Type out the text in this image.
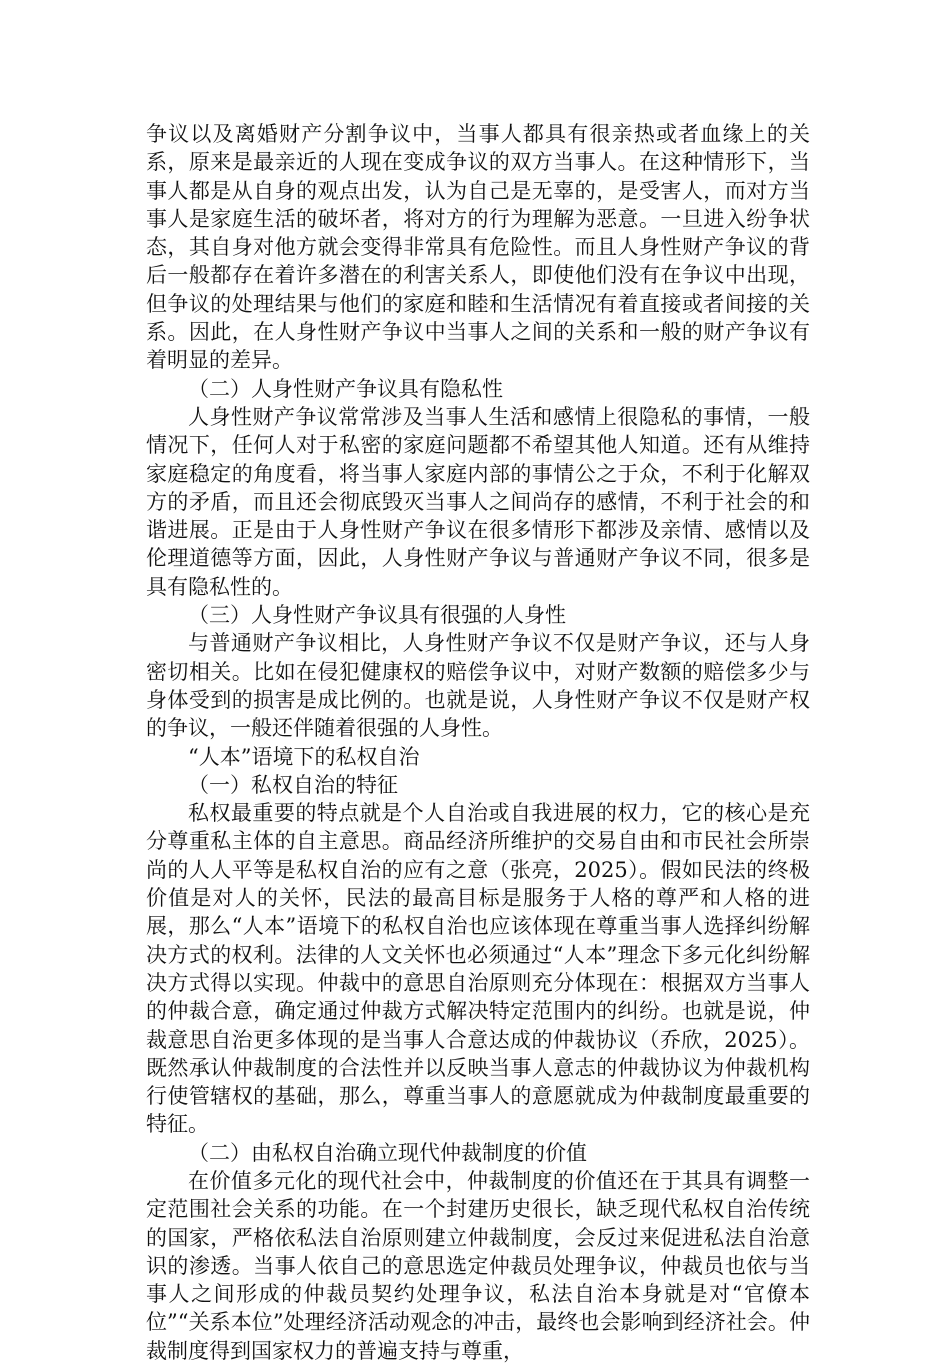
争议以及离婚财产分割争议中，当事人都具有很亲热或者血缘上的关系，原来是最亲近的人现在变成争议的双方当事人。在这种情形下，当事人都是从自身的观点出发，认为自己是无辜的，是受害人，而对方当事人是家庭生活的破坏者，将对方的行为理解为恶意。一旦进入纷争状态，其自身对他方就会变得非常具有危险性。而且人身性财产争议的背后一般都存在着许多潜在的利害关系人，即使他们没有在争议中出现，但争议的处理结果与他们的家庭和睦和生活情况有着直接或者间接的关系。因此，在人身性财产争议中当事人之间的关系和一般的财产争议有着明显的差异。

（二）人身性财产争议具有隐私性

人身性财产争议常常涉及当事人生活和感情上很隐私的事情，一般情况下，任何人对于私密的家庭问题都不希望其他人知道。还有从维持家庭稳定的角度看，将当事人家庭内部的事情公之于众，不利于化解双方的矛盾，而且还会彻底毁灭当事人之间尚存的感情，不利于社会的和谐进展。正是由于人身性财产争议在很多情形下都涉及亲情、感情以及伦理道德等方面，因此，人身性财产争议与普通财产争议不同，很多是具有隐私性的。

（三）人身性财产争议具有很强的人身性

与普通财产争议相比，人身性财产争议不仅是财产争议，还与人身密切相关。比如在侵犯健康权的赔偿争议中，对财产数额的赔偿多少与身体受到的损害是成比例的。也就是说，人身性财产争议不仅是财产权的争议，一般还伴随着很强的人身性。

“人本”语境下的私权自治

（一）私权自治的特征

私权最重要的特点就是个人自治或自我进展的权力，它的核心是充分尊重私主体的自主意思。商品经济所维护的交易自由和市民社会所崇尚的人人平等是私权自治的应有之意（张亮，2025）。假如民法的终极价值是对人的关怀，民法的最高目标是服务于人格的尊严和人格的进展，那么“人本”语境下的私权自治也应该体现在尊重当事人选择纠纷解决方式的权利。法律的人文关怀也必须通过“人本”理念下多元化纠纷解决方式得以实现。仲裁中的意思自治原则充分体现在：根据双方当事人的仲裁合意，确定通过仲裁方式解决特定范围内的纠纷。也就是说，仲裁意思自治更多体现的是当事人合意达成的仲裁协议（乔欣，2025）。既然承认仲裁制度的合法性并以反映当事人意志的仲裁协议为仲裁机构行使管辖权的基础，那么，尊重当事人的意愿就成为仲裁制度最重要的特征。

（二）由私权自治确立现代仲裁制度的价值

在价值多元化的现代社会中，仲裁制度的价值还在于其具有调整一定范围社会关系的功能。在一个封建历史很长，缺乏现代私权自治传统的国家，严格依私法自治原则建立仲裁制度，会反过来促进私法自治意识的渗透。当事人依自己的意思选定仲裁员处理争议，仲裁员也依与当事人之间形成的仲裁员契约处理争议，私法自治本身就是对“官僚本位”“关系本位”处理经济活动观念的冲击，最终也会影响到经济社会。仲裁制度得到国家权力的普遍支持与尊重，
